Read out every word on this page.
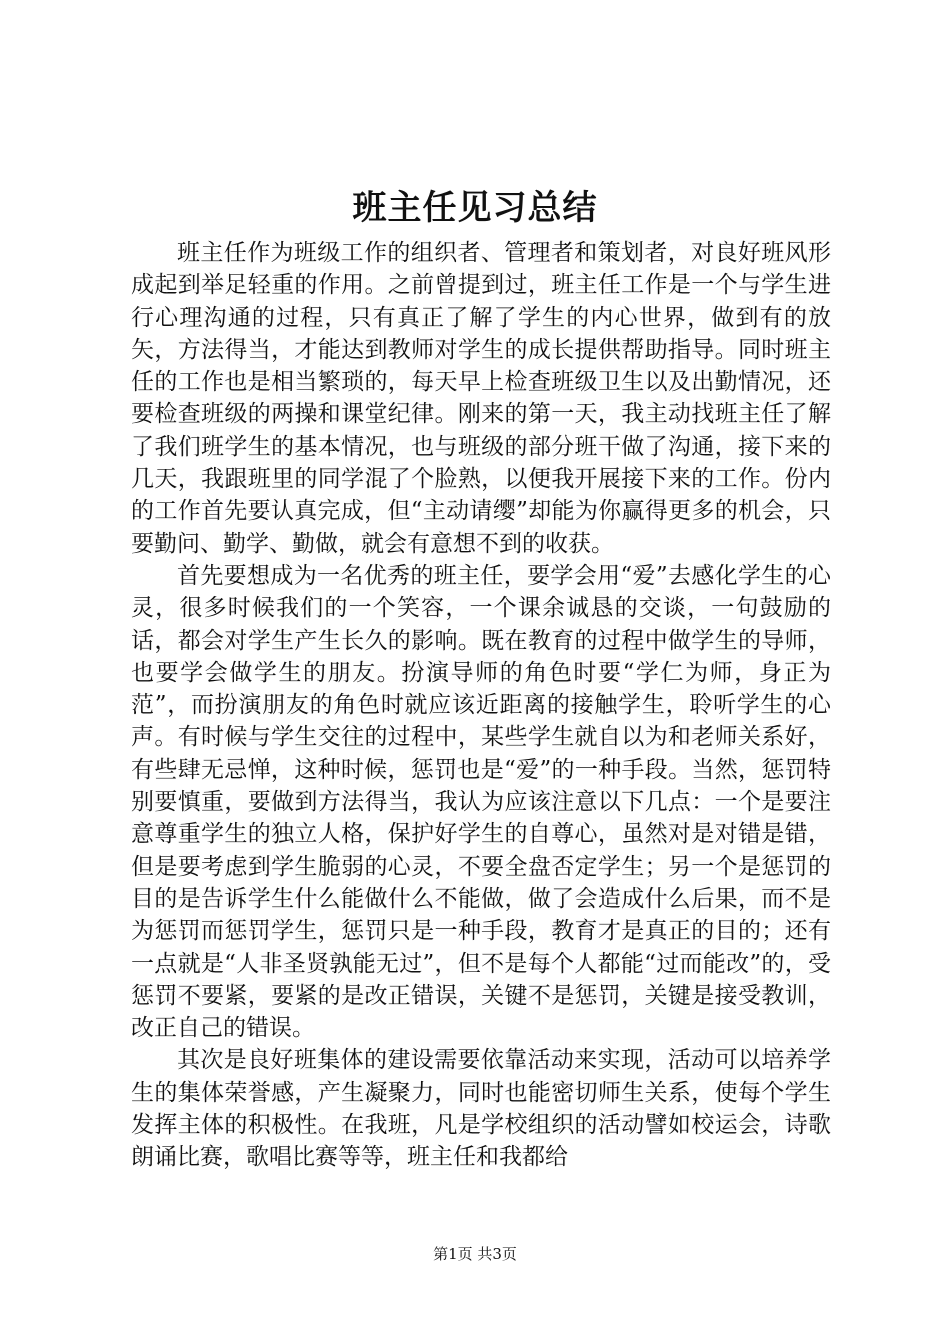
班主任见习总结

班主任作为班级工作的组织者、管理者和策划者，对良好班风形成起到举足轻重的作用。之前曾提到过，班主任工作是一个与学生进行心理沟通的过程，只有真正了解了学生的内心世界，做到有的放矢，方法得当，才能达到教师对学生的成长提供帮助指导。同时班主任的工作也是相当繁琐的，每天早上检查班级卫生以及出勤情况，还要检查班级的两操和课堂纪律。刚来的第一天，我主动找班主任了解了我们班学生的基本情况，也与班级的部分班干做了沟通，接下来的几天，我跟班里的同学混了个脸熟，以便我开展接下来的工作。份内的工作首先要认真完成，但“主动请缨”却能为你赢得更多的机会，只要勤问、勤学、勤做，就会有意想不到的收获。

首先要想成为一名优秀的班主任，要学会用“爱”去感化学生的心灵，很多时候我们的一个笑容，一个课余诚恳的交谈，一句鼓励的话，都会对学生产生长久的影响。既在教育的过程中做学生的导师，也要学会做学生的朋友。扮演导师的角色时要“学仁为师，身正为范”，而扮演朋友的角色时就应该近距离的接触学生，聆听学生的心声。有时候与学生交往的过程中，某些学生就自以为和老师关系好，有些肆无忌惮，这种时候，惩罚也是“爱”的一种手段。当然，惩罚特别要慎重，要做到方法得当，我认为应该注意以下几点：一个是要注意尊重学生的独立人格，保护好学生的自尊心，虽然对是对错是错，但是要考虑到学生脆弱的心灵，不要全盘否定学生；另一个是惩罚的目的是告诉学生什么能做什么不能做，做了会造成什么后果，而不是为惩罚而惩罚学生，惩罚只是一种手段，教育才是真正的目的；还有一点就是“人非圣贤孰能无过”，但不是每个人都能“过而能改”的，受惩罚不要紧，要紧的是改正错误，关键不是惩罚，关键是接受教训，改正自己的错误。

其次是良好班集体的建设需要依靠活动来实现，活动可以培养学生的集体荣誉感，产生凝聚力，同时也能密切师生关系，使每个学生发挥主体的积极性。在我班，凡是学校组织的活动譬如校运会，诗歌朗诵比赛，歌唱比赛等等，班主任和我都给

第1页 共3页
